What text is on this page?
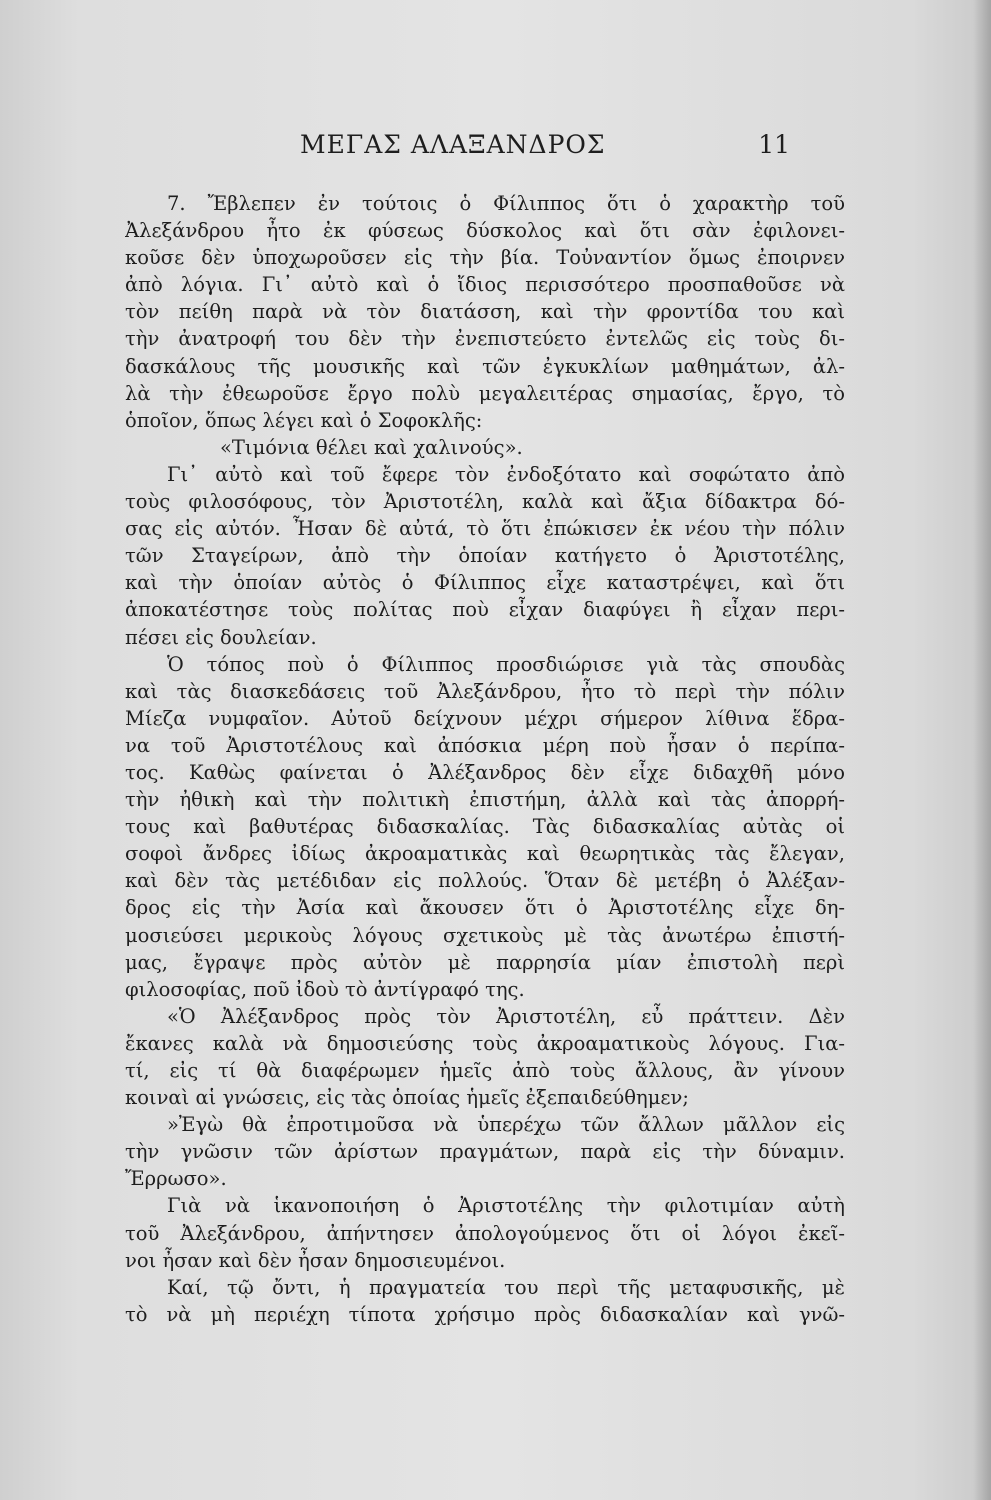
ΜΕΓΑΣ ΑΛΑΞΑΝΔΡΟΣ	11
7. Ἔβλεπεν ἐν τούτοις ὁ Φίλιππος ὅτι ὁ χαρακτὴρ τοῦ
Ἀλεξάνδρου ἦτο ἐκ φύσεως δύσκολος καὶ ὅτι σὰν ἐφιλονει-
κοῦσε δὲν ὑποχωροῦσεν εἰς τὴν βία. Τοὐναντίον ὅμως ἐποιρνεν
ἀπὸ λόγια. Γι᾿ αὐτὸ καὶ ὁ ἴδιος περισσότερο προσπαθοῦσε νὰ
τὸν πείθη παρὰ νὰ τὸν διατάσση, καὶ τὴν φροντίδα του καὶ
τὴν ἀνατροφή του δὲν τὴν ἐνεπιστεύετο ἐντελῶς εἰς τοὺς δι-
δασκάλους τῆς μουσικῆς καὶ τῶν ἐγκυκλίων μαθημάτων, ἀλ-
λὰ τὴν ἐθεωροῦσε ἔργο πολὺ μεγαλειτέρας σημασίας, ἔργο, τὸ
ὁποῖον, ὅπως λέγει καὶ ὁ Σοφοκλῆς:
«Τιμόνια θέλει καὶ χαλινούς».
Γι᾿ αὐτὸ καὶ τοῦ ἔφερε τὸν ἐνδοξότατο καὶ σοφώτατο ἀπὸ
τοὺς φιλοσόφους, τὸν Ἀριστοτέλη, καλὰ καὶ ἄξια δίδακτρα δό-
σας εἰς αὐτόν. Ἦσαν δὲ αὐτά, τὸ ὅτι ἐπώκισεν ἐκ νέου τὴν πόλιν
τῶν Σταγείρων, ἀπὸ τὴν ὁποίαν κατήγετο ὁ Ἀριστοτέλης,
καὶ τὴν ὁποίαν αὐτὸς ὁ Φίλιππος εἶχε καταστρέψει, καὶ ὅτι
ἀποκατέστησε τοὺς πολίτας ποὺ εἶχαν διαφύγει ἢ εἶχαν περι-
πέσει εἰς δουλείαν.
Ὁ τόπος ποὺ ὁ Φίλιππος προσδιώρισε γιὰ τὰς σπουδὰς
καὶ τὰς διασκεδάσεις τοῦ Ἀλεξάνδρου, ἦτο τὸ περὶ τὴν πόλιν
Μίεζα νυμφαῖον. Αὐτοῦ δείχνουν μέχρι σήμερον λίθινα ἕδρα-
να τοῦ Ἀριστοτέλους καὶ ἀπόσκια μέρη ποὺ ἦσαν ὁ περίπα-
τος. Καθὼς φαίνεται ὁ Ἀλέξανδρος δὲν εἶχε διδαχθῆ μόνο
τὴν ἠθικὴ καὶ τὴν πολιτικὴ ἐπιστήμη, ἀλλὰ καὶ τὰς ἀπορρή-
τους καὶ βαθυτέρας διδασκαλίας. Τὰς διδασκαλίας αὐτὰς οἱ
σοφοὶ ἄνδρες ἰδίως ἀκροαματικὰς καὶ θεωρητικὰς τὰς ἔλεγαν,
καὶ δὲν τὰς μετέδιδαν εἰς πολλούς. Ὅταν δὲ μετέβη ὁ Ἀλέξαν-
δρος εἰς τὴν Ἀσία καὶ ἄκουσεν ὅτι ὁ Ἀριστοτέλης εἶχε δη-
μοσιεύσει μερικοὺς λόγους σχετικοὺς μὲ τὰς ἀνωτέρω ἐπιστή-
μας, ἔγραψε πρὸς αὐτὸν μὲ παρρησία μίαν ἐπιστολὴ περὶ
φιλοσοφίας, ποῦ ἰδοὺ τὸ ἀντίγραφό της.
«Ὁ Ἀλέξανδρος πρὸς τὸν Ἀριστοτέλη, εὖ πράττειν. Δὲν
ἔκανες καλὰ νὰ δημοσιεύσης τοὺς ἀκροαματικοὺς λόγους. Για-
τί, εἰς τί θὰ διαφέρωμεν ἡμεῖς ἀπὸ τοὺς ἄλλους, ἂν γίνουν
κοιναὶ αἱ γνώσεις, εἰς τὰς ὁποίας ἡμεῖς ἐξεπαιδεύθημεν;
»Ἐγὼ θὰ ἐπροτιμοῦσα νὰ ὑπερέχω τῶν ἄλλων μᾶλλον εἰς
τὴν γνῶσιν τῶν ἀρίστων πραγμάτων, παρὰ εἰς τὴν δύναμιν.
Ἔρρωσο».
Γιὰ νὰ ἱκανοποιήση ὁ Ἀριστοτέλης τὴν φιλοτιμίαν αὐτὴ
τοῦ Ἀλεξάνδρου, ἀπήντησεν ἀπολογούμενος ὅτι οἱ λόγοι ἐκεῖ-
νοι ἦσαν καὶ δὲν ἦσαν δημοσιευμένοι.
Καί, τῷ ὄντι, ἡ πραγματεία του περὶ τῆς μεταφυσικῆς, μὲ
τὸ νὰ μὴ περιέχη τίποτα χρήσιμο πρὸς διδασκαλίαν καὶ γνῶ-
